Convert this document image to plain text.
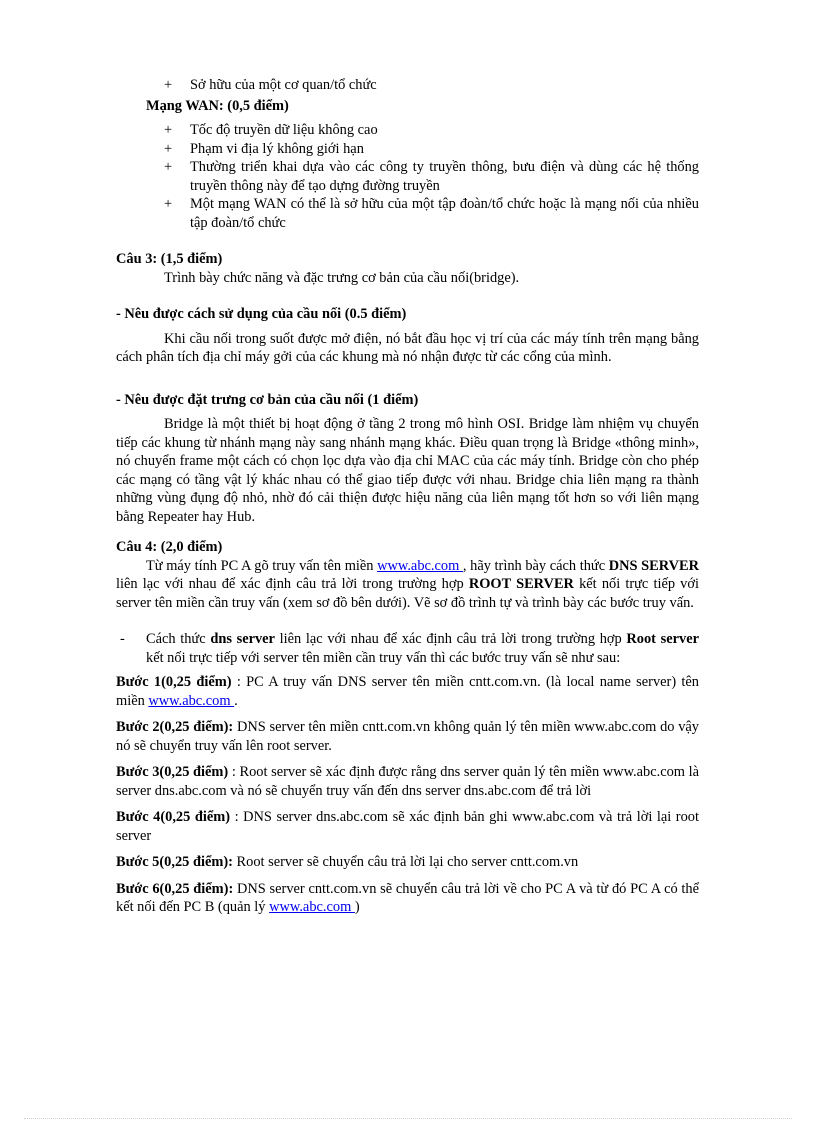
+ Sở hữu của một cơ quan/tổ chức

Mạng WAN: (0,5 điểm)

+ Tốc độ truyền dữ liệu không cao
+ Phạm vi địa lý không giới hạn
+ Thường triển khai dựa vào các công ty truyền thông, bưu điện và dùng các hệ thống truyền thông này để tạo dựng đường truyền
+ Một mạng WAN có thể là sở hữu của một tập đoàn/tổ chức hoặc là mạng nối của nhiều tập đoàn/tổ chức

Câu 3: (1,5 điểm)

Trình bày chức năng và đặc trưng cơ bản của cầu nối(bridge).

- Nêu được cách sử dụng của cầu nối (0.5 điểm)

Khi cầu nối trong suốt được mở điện, nó bắt đầu học vị trí của các máy tính trên mạng bằng cách phân tích địa chỉ máy gởi của các khung mà nó nhận được từ các cổng của mình.

- Nêu được đặt trưng cơ bản của cầu nối (1 điểm)

Bridge là một thiết bị hoạt động ở tầng 2 trong mô hình OSI. Bridge làm nhiệm vụ chuyển tiếp các khung từ nhánh mạng này sang nhánh mạng khác. Điều quan trọng là Bridge «thông minh», nó chuyển frame một cách có chọn lọc dựa vào địa chỉ MAC của các máy tính. Bridge còn cho phép các mạng có tầng vật lý khác nhau có thể giao tiếp được với nhau. Bridge chia liên mạng ra thành những vùng đụng độ nhỏ, nhờ đó cải thiện được hiệu năng của liên mạng tốt hơn so với liên mạng bằng Repeater hay Hub.

Câu 4: (2,0 điểm)

Từ máy tính PC A gõ truy vấn tên miền www.abc.com , hãy trình bày cách thức DNS SERVER liên lạc với nhau để xác định câu trả lời trong trường hợp ROOT SERVER kết nối trực tiếp với server tên miền cần truy vấn (xem sơ đồ bên dưới). Vẽ sơ đồ trình tự và trình bày các bước truy vấn.

- Cách thức dns server liên lạc với nhau để xác định câu trả lời trong trường hợp Root server kết nối trực tiếp với server tên miền cần truy vấn thì các bước truy vấn sẽ như sau:

Bước 1(0,25 điểm) : PC A truy vấn DNS server tên miền cntt.com.vn. (là local name server) tên miền www.abc.com .

Bước 2(0,25 điểm): DNS server tên miền cntt.com.vn không quản lý tên miền www.abc.com do vậy nó sẽ chuyển truy vấn lên root server.

Bước 3(0,25 điểm) : Root server sẽ xác định được rằng dns server quản lý tên miền www.abc.com là server dns.abc.com và nó sẽ chuyển truy vấn đến dns server dns.abc.com để trả lời

Bước 4(0,25 điểm) : DNS server dns.abc.com sẽ xác định bản ghi www.abc.com và trả lời lại root server

Bước 5(0,25 điểm): Root server sẽ chuyển câu trả lời lại cho server cntt.com.vn

Bước 6(0,25 điểm): DNS server cntt.com.vn sẽ chuyển câu trả lời về cho PC A và từ đó PC A có thể kết nối đến PC B (quản lý www.abc.com )
